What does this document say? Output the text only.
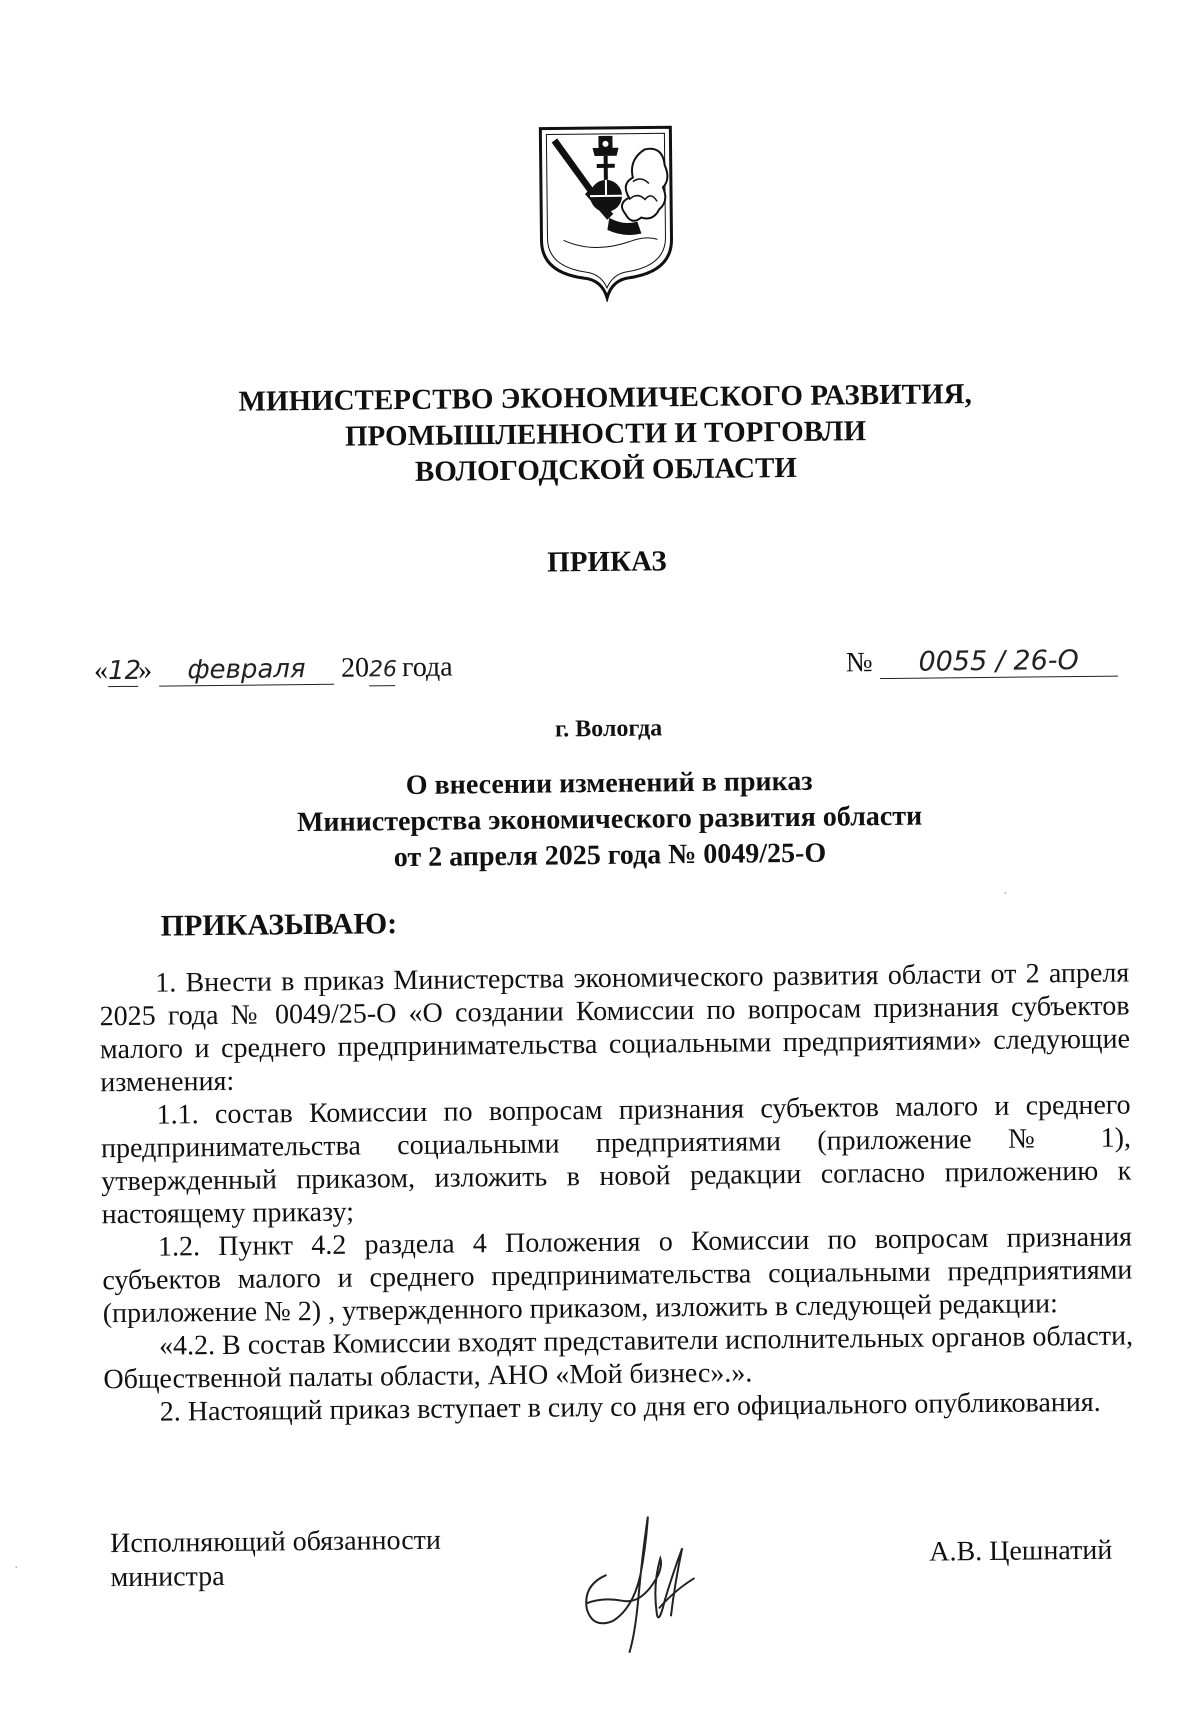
МИНИСТЕРСТВО ЭКОНОМИЧЕСКОГО РАЗВИТИЯ,
ПРОМЫШЛЕННОСТИ И ТОРГОВЛИ
ВОЛОГОДСКОЙ ОБЛАСТИ
ПРИКАЗ
«12» февраля 2026 года	№ 0055 / 26-О
г. Вологда
О внесении изменений в приказ
Министерства экономического развития области
от 2 апреля 2025 года № 0049/25-О
ПРИКАЗЫВАЮ:

1. Внести в приказ Министерства экономического развития области от 2 апреля 2025 года № 0049/25-О «О создании Комиссии по вопросам признания субъектов малого и среднего предпринимательства социальными предприятиями» следующие изменения:

1.1. состав Комиссии по вопросам признания субъектов малого и среднего предпринимательства социальными предприятиями (приложение № 1), утвержденный приказом, изложить в новой редакции согласно приложению к настоящему приказу;

1.2. Пункт 4.2 раздела 4 Положения о Комиссии по вопросам признания субъектов малого и среднего предпринимательства социальными предприятиями (приложение № 2) , утвержденного приказом, изложить в следующей редакции:

«4.2. В состав Комиссии входят представители исполнительных органов области, Общественной палаты области, АНО «Мой бизнес».».

2. Настоящий приказ вступает в силу со дня его официального опубликования.

Исполняющий обязанности
министра
А.В. Цешнатий
